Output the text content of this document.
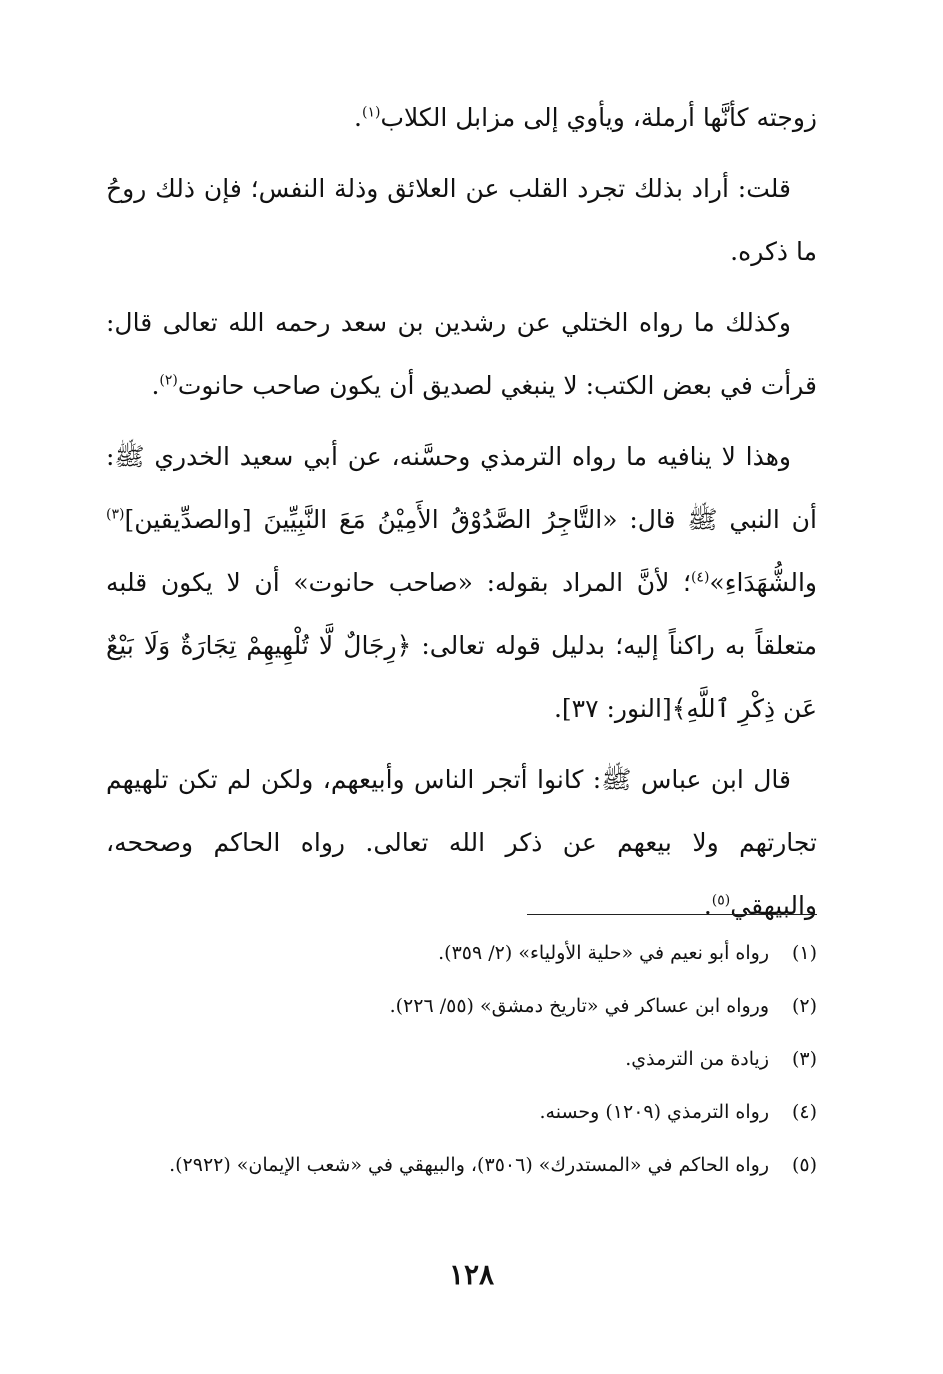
زوجته كأنَّها أرملة، ويأوي إلى مزابل الكلاب$^{(١)}$.

قلت: أراد بذلك تجرد القلب عن العلائق وذلة النفس؛ فإن ذلك روحُ ما ذكره.

وكذلك ما رواه الختلي عن رشدين بن سعد رحمه الله تعالى قال: قرأت في بعض الكتب: لا ينبغي لصديق أن يكون صاحب حانوت$^{(٢)}$.

وهذا لا ينافيه ما رواه الترمذي وحسَّنه، عن أبي سعيد الخدري ﷺ: أن النبي ﷺ قال: «التَّاجِرُ الصَّدُوْقُ الأَمِيْنُ مَعَ النَّبِيِّينَ [والصدِّيقين]$^{(٣)}$ والشُّهَدَاءِ»$^{(٤)}$؛ لأنَّ المراد بقوله: «صاحب حانوت» أن لا يكون قلبه متعلقاً به راكناً إليه؛ بدليل قوله تعالى: ﴿رِجَالٌ لَّا تُلْهِيهِمْ تِجَارَةٌ وَلَا بَيْعٌ عَن ذِكْرِ ٱللَّهِ﴾[النور: ٣٧].

قال ابن عباس ﷺ: كانوا أتجر الناس وأبيعهم، ولكن لم تكن تلهيهم تجارتهم ولا بيعهم عن ذكر الله تعالى. رواه الحاكم وصححه، والبيهقي$^{(٥)}$.

(١)
رواه أبو نعيم في «حلية الأولياء» (٢/ ٣٥٩).
(٢)
ورواه ابن عساكر في «تاريخ دمشق» (٥٥/ ٢٢٦).
(٣)
زيادة من الترمذي.
(٤)
رواه الترمذي (١٢٠٩) وحسنه.
(٥)
رواه الحاكم في «المستدرك» (٣٥٠٦)، والبيهقي في «شعب الإيمان» (٢٩٢٢).
١٢٨
